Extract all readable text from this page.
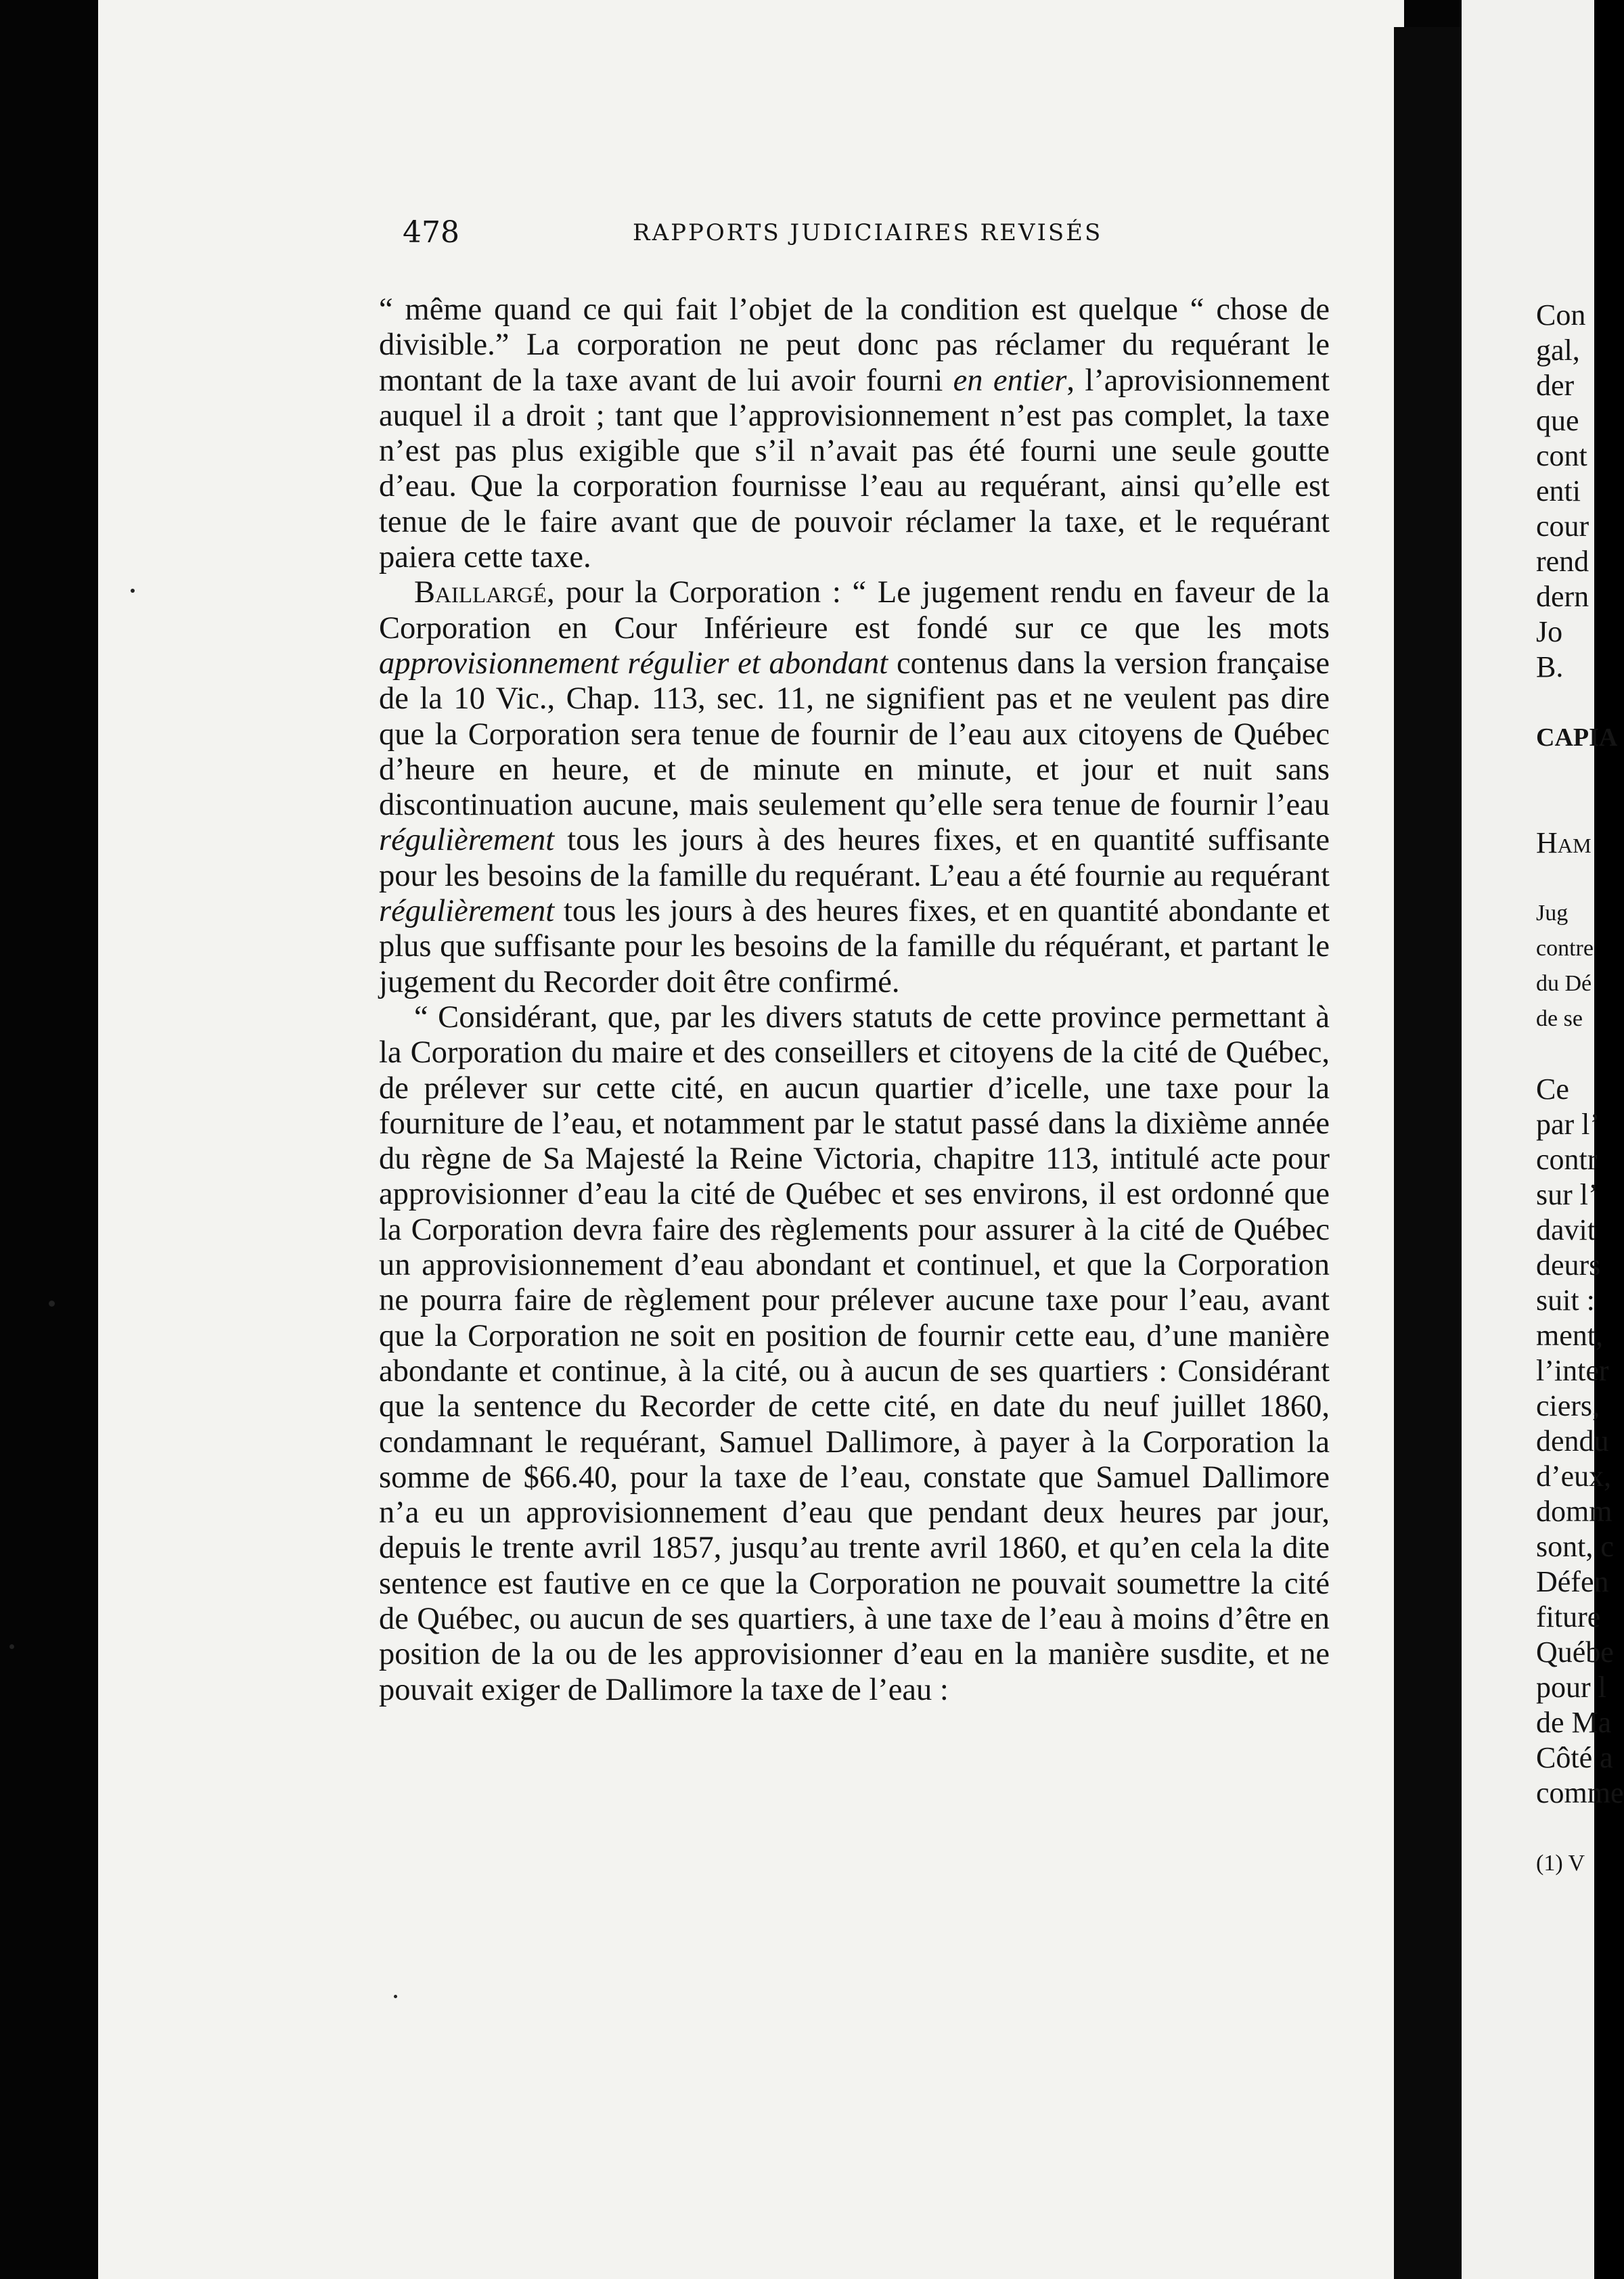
478	RAPPORTS JUDICIAIRES REVISÉS

“ même quand ce qui fait l’objet de la condition est quelque “ chose de divisible.” La corporation ne peut donc pas réclamer du requérant le montant de la taxe avant de lui avoir fourni en entier, l’aprovisionnement auquel il a droit ; tant que l’approvisionnement n’est pas complet, la taxe n’est pas plus exigible que s’il n’avait pas été fourni une seule goutte d’eau. Que la corporation fournisse l’eau au requérant, ainsi qu’elle est tenue de le faire avant que de pouvoir réclamer la taxe, et le requérant paiera cette taxe.

Baillargé, pour la Corporation : “ Le jugement rendu en faveur de la Corporation en Cour Inférieure est fondé sur ce que les mots approvisionnement régulier et abondant contenus dans la version française de la 10 Vic., Chap. 113, sec. 11, ne signifient pas et ne veulent pas dire que la Corporation sera tenue de fournir de l’eau aux citoyens de Québec d’heure en heure, et de minute en minute, et jour et nuit sans discontinuation aucune, mais seulement qu’elle sera tenue de fournir l’eau régulièrement tous les jours à des heures fixes, et en quantité suffisante pour les besoins de la famille du requérant. L’eau a été fournie au requérant régulièrement tous les jours à des heures fixes, et en quantité abondante et plus que suffisante pour les besoins de la famille du réquérant, et partant le jugement du Recorder doit être confirmé.

“ Considérant, que, par les divers statuts de cette province permettant à la Corporation du maire et des conseillers et citoyens de la cité de Québec, de prélever sur cette cité, en aucun quartier d’icelle, une taxe pour la fourniture de l’eau, et notamment par le statut passé dans la dixième année du règne de Sa Majesté la Reine Victoria, chapitre 113, intitulé acte pour approvisionner d’eau la cité de Québec et ses environs, il est ordonné que la Corporation devra faire des règlements pour assurer à la cité de Québec un approvisionnement d’eau abondant et continuel, et que la Corporation ne pourra faire de règlement pour prélever aucune taxe pour l’eau, avant que la Corporation ne soit en position de fournir cette eau, d’une manière abondante et continue, à la cité, ou à aucun de ses quartiers : Considérant que la sentence du Recorder de cette cité, en date du neuf juillet 1860, condamnant le requérant, Samuel Dallimore, à payer à la Corporation la somme de $66.40, pour la taxe de l’eau, constate que Samuel Dallimore n’a eu un approvisionnement d’eau que pendant deux heures par jour, depuis le trente avril 1857, jusqu’au trente avril 1860, et qu’en cela la dite sentence est fautive en ce que la Corporation ne pouvait soumettre la cité de Québec, ou aucun de ses quartiers, à une taxe de l’eau à moins d’être en position de la ou de les approvisionner d’eau en la manière susdite, et ne pouvait exiger de Dallimore la taxe de l’eau :

Con
gal,
der
que
cont
enti
cour
rend
dern
Jo
B.
CAPIA
Ham
Jug
contre
du Dé
de se
Ce
par l’
contr
sur l’
davit
deurs
suit :
ment,
l’inter
ciers,
dendu
d’eux,
domm
sont, c
Défen
fiture
Québe
pour l
de Ma
Côté a
comme
(1) V
